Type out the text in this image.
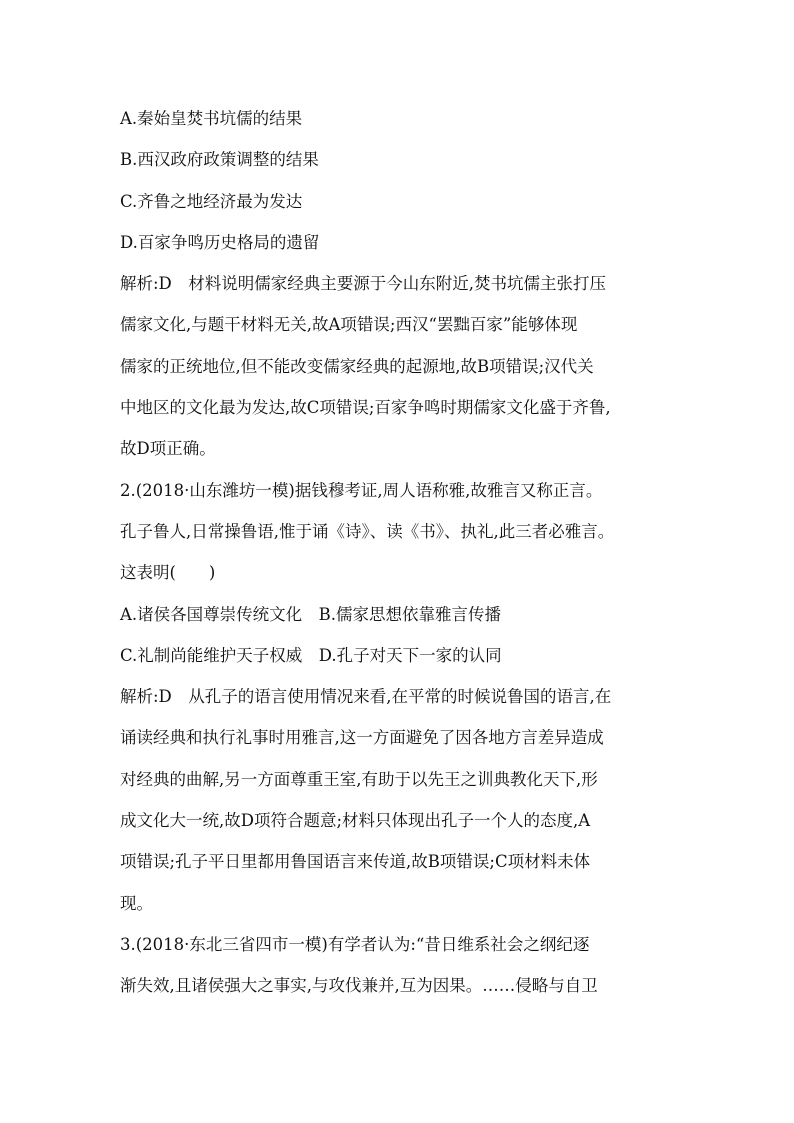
A.秦始皇焚书坑儒的结果
B.西汉政府政策调整的结果
C.齐鲁之地经济最为发达
D.百家争鸣历史格局的遗留
解析:D　材料说明儒家经典主要源于今山东附近,焚书坑儒主张打压
儒家文化,与题干材料无关,故A项错误;西汉“罢黜百家”能够体现
儒家的正统地位,但不能改变儒家经典的起源地,故B项错误;汉代关
中地区的文化最为发达,故C项错误;百家争鸣时期儒家文化盛于齐鲁,
故D项正确。
2.(2018·山东潍坊一模)据钱穆考证,周人语称雅,故雅言又称正言。
孔子鲁人,日常操鲁语,惟于诵《诗》、读《书》、执礼,此三者必雅言。
这表明(　　)
A.诸侯各国尊崇传统文化　B.儒家思想依靠雅言传播
C.礼制尚能维护天子权威　D.孔子对天下一家的认同
解析:D　从孔子的语言使用情况来看,在平常的时候说鲁国的语言,在
诵读经典和执行礼事时用雅言,这一方面避免了因各地方言差异造成
对经典的曲解,另一方面尊重王室,有助于以先王之训典教化天下,形
成文化大一统,故D项符合题意;材料只体现出孔子一个人的态度,A
项错误;孔子平日里都用鲁国语言来传道,故B项错误;C项材料未体
现。
3.(2018·东北三省四市一模)有学者认为:“昔日维系社会之纲纪逐
渐失效,且诸侯强大之事实,与攻伐兼并,互为因果。……侵略与自卫
